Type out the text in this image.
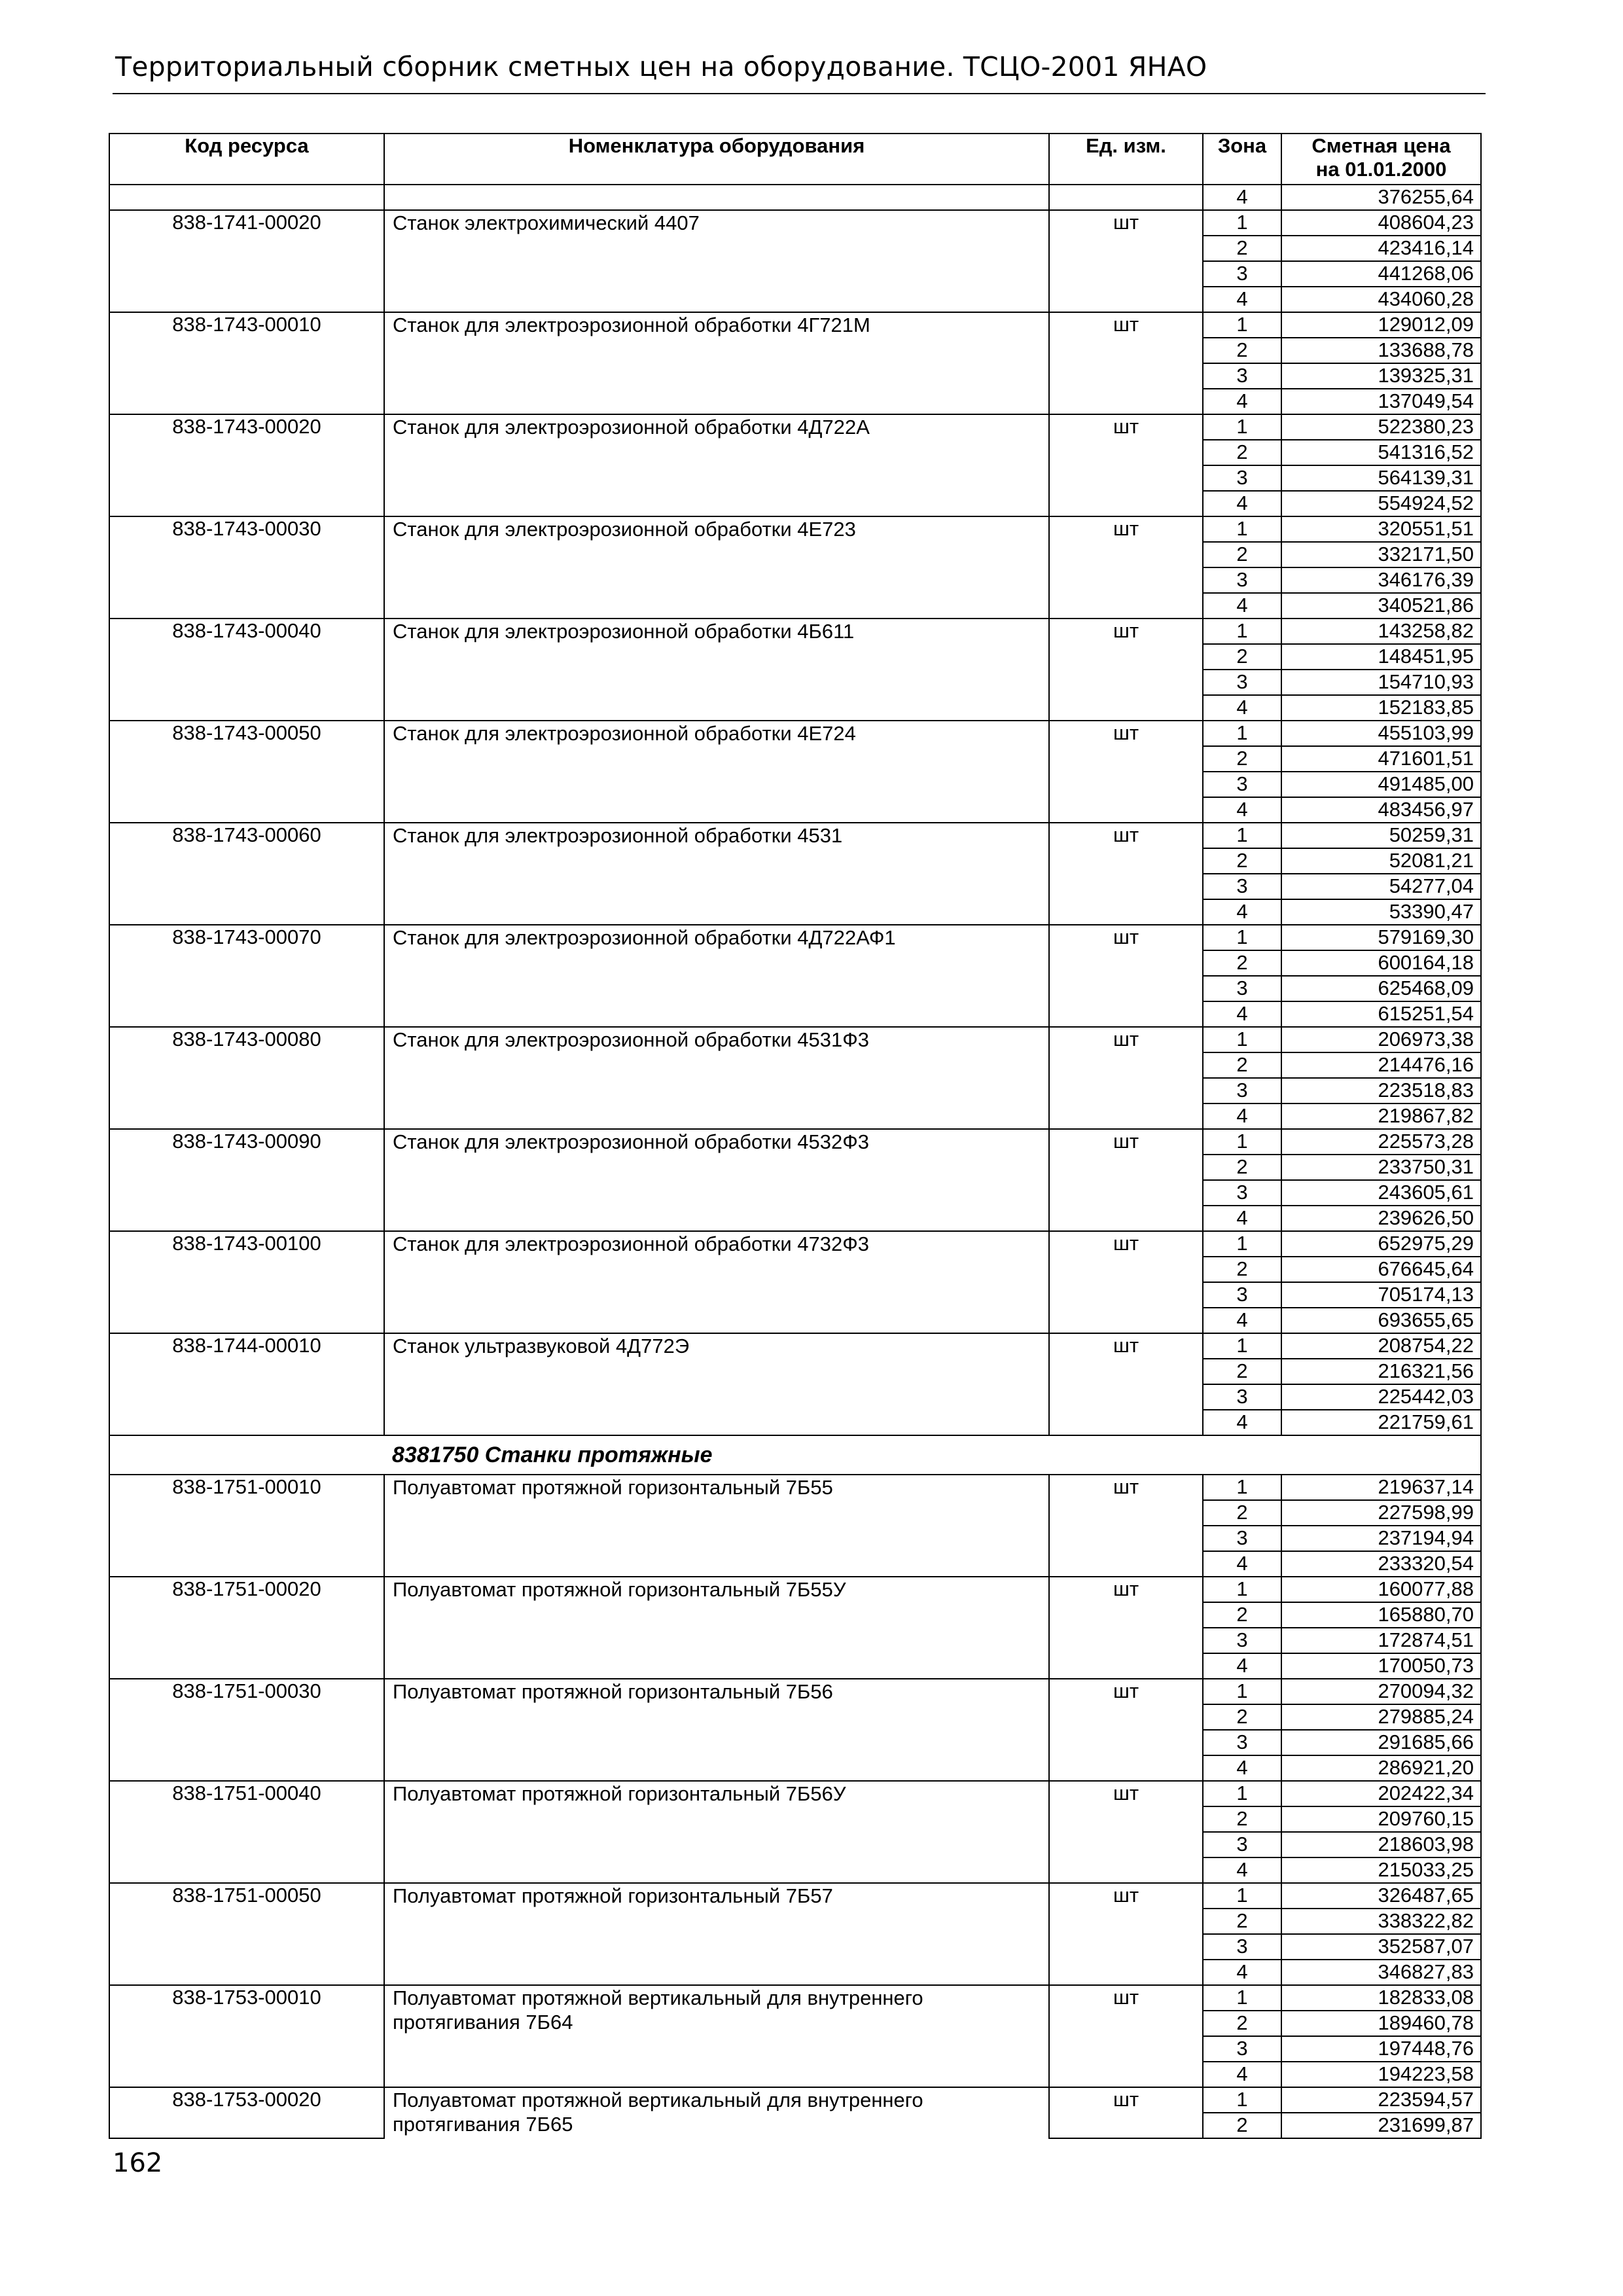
Территориальный сборник сметных цен на оборудование. ТСЦО-2001 ЯНАО
Код ресурса	Номенклатура оборудования	Ед. изм.	Зона	Сметная цена
на 01.01.2000
			4	376255,64
838-1741-00020	Станок электрохимический 4407	шт	1	408604,23
			2	423416,14
			3	441268,06
			4	434060,28
838-1743-00010	Станок для электроэрозионной обработки 4Г721М	шт	1	129012,09
			2	133688,78
			3	139325,31
			4	137049,54
838-1743-00020	Станок для электроэрозионной обработки 4Д722А	шт	1	522380,23
			2	541316,52
			3	564139,31
			4	554924,52
838-1743-00030	Станок для электроэрозионной обработки 4Е723	шт	1	320551,51
			2	332171,50
			3	346176,39
			4	340521,86
838-1743-00040	Станок для электроэрозионной обработки 4Б611	шт	1	143258,82
			2	148451,95
			3	154710,93
			4	152183,85
838-1743-00050	Станок для электроэрозионной обработки 4Е724	шт	1	455103,99
			2	471601,51
			3	491485,00
			4	483456,97
838-1743-00060	Станок для электроэрозионной обработки 4531	шт	1	50259,31
			2	52081,21
			3	54277,04
			4	53390,47
838-1743-00070	Станок для электроэрозионной обработки 4Д722АФ1	шт	1	579169,30
			2	600164,18
			3	625468,09
			4	615251,54
838-1743-00080	Станок для электроэрозионной обработки 4531Ф3	шт	1	206973,38
			2	214476,16
			3	223518,83
			4	219867,82
838-1743-00090	Станок для электроэрозионной обработки 4532Ф3	шт	1	225573,28
			2	233750,31
			3	243605,61
			4	239626,50
838-1743-00100	Станок для электроэрозионной обработки 4732Ф3	шт	1	652975,29
			2	676645,64
			3	705174,13
			4	693655,65
838-1744-00010	Станок ультразвуковой 4Д772Э	шт	1	208754,22
			2	216321,56
			3	225442,03
			4	221759,61
	8381750 Станки протяжные			
838-1751-00010	Полуавтомат протяжной горизонтальный 7Б55	шт	1	219637,14
			2	227598,99
			3	237194,94
			4	233320,54
838-1751-00020	Полуавтомат протяжной горизонтальный 7Б55У	шт	1	160077,88
			2	165880,70
			3	172874,51
			4	170050,73
838-1751-00030	Полуавтомат протяжной горизонтальный 7Б56	шт	1	270094,32
			2	279885,24
			3	291685,66
			4	286921,20
838-1751-00040	Полуавтомат протяжной горизонтальный 7Б56У	шт	1	202422,34
			2	209760,15
			3	218603,98
			4	215033,25
838-1751-00050	Полуавтомат протяжной горизонтальный 7Б57	шт	1	326487,65
			2	338322,82
			3	352587,07
			4	346827,83
838-1753-00010	Полуавтомат протяжной вертикальный для внутреннего протягивания 7Б64	шт	1	182833,08
			2	189460,78
			3	197448,76
			4	194223,58
838-1753-00020	Полуавтомат протяжной вертикальный для внутреннего протягивания 7Б65	шт	1	223594,57
			2	231699,87
162
